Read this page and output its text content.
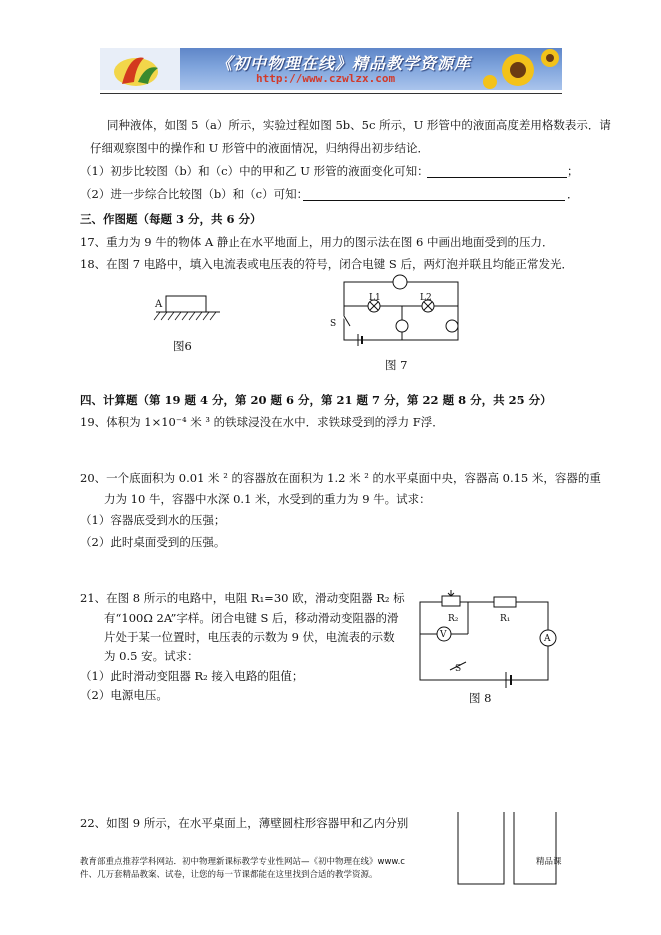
《初中物理在线》精品教学资源库
http://www.czwlzx.com
同种液体，如图 5（a）所示，实验过程如图 5b、5c 所示，U 形管中的液面高度差用格数表示．请
仔细观察图中的操作和 U 形管中的液面情况，归纳得出初步结论．
（1）初步比较图（b）和（c）中的甲和乙 U 形管的液面变化可知：	；
（2）进一步综合比较图（b）和（c）可知：	．
三、作图题（每题 3 分，共 6 分）
17、重力为 9 牛的物体 A 静止在水平地面上，用力的图示法在图 6 中画出地面受到的压力．
18、在图 7 电路中，填入电流表或电压表的符号，闭合电键 S 后，两灯泡并联且均能正常发光．
A
图6
L1	L2
S
图 7
四、计算题（第 19 题 4 分，第 20 题 6 分，第 21 题 7 分，第 22 题 8 分，共 25 分）
19、体积为 1×10⁻⁴ 米 ³ 的铁球浸没在水中．求铁球受到的浮力 F浮．
20、一个底面积为 0.01 米 ² 的容器放在面积为 1.2 米 ² 的水平桌面中央，容器高 0.15 米，容器的重
力为 10 牛，容器中水深 0.1 米，水受到的重力为 9 牛。试求：
（1）容器底受到水的压强；
（2）此时桌面受到的压强。
21、在图 8 所示的电路中，电阻 R₁=30 欧，滑动变阻器 R₂ 标
有“100Ω 2A”字样。闭合电键 S 后，移动滑动变阻器的滑
片处于某一位置时，电压表的示数为 9 伏，电流表的示数
为 0.5 安。试求：
（1）此时滑动变阻器 R₂ 接入电路的阻值；
（2）电源电压。
R₂	R₁
V	A
S
图 8
22、如图 9 所示，在水平桌面上，薄壁圆柱形容器甲和乙内分别
教育部重点推荐学科网站．初中物理新课标教学专业性网站—《初中物理在线》www.c	精品课
件、几万套精品教案、试卷，让您的每一节课都能在这里找到合适的教学资源。
